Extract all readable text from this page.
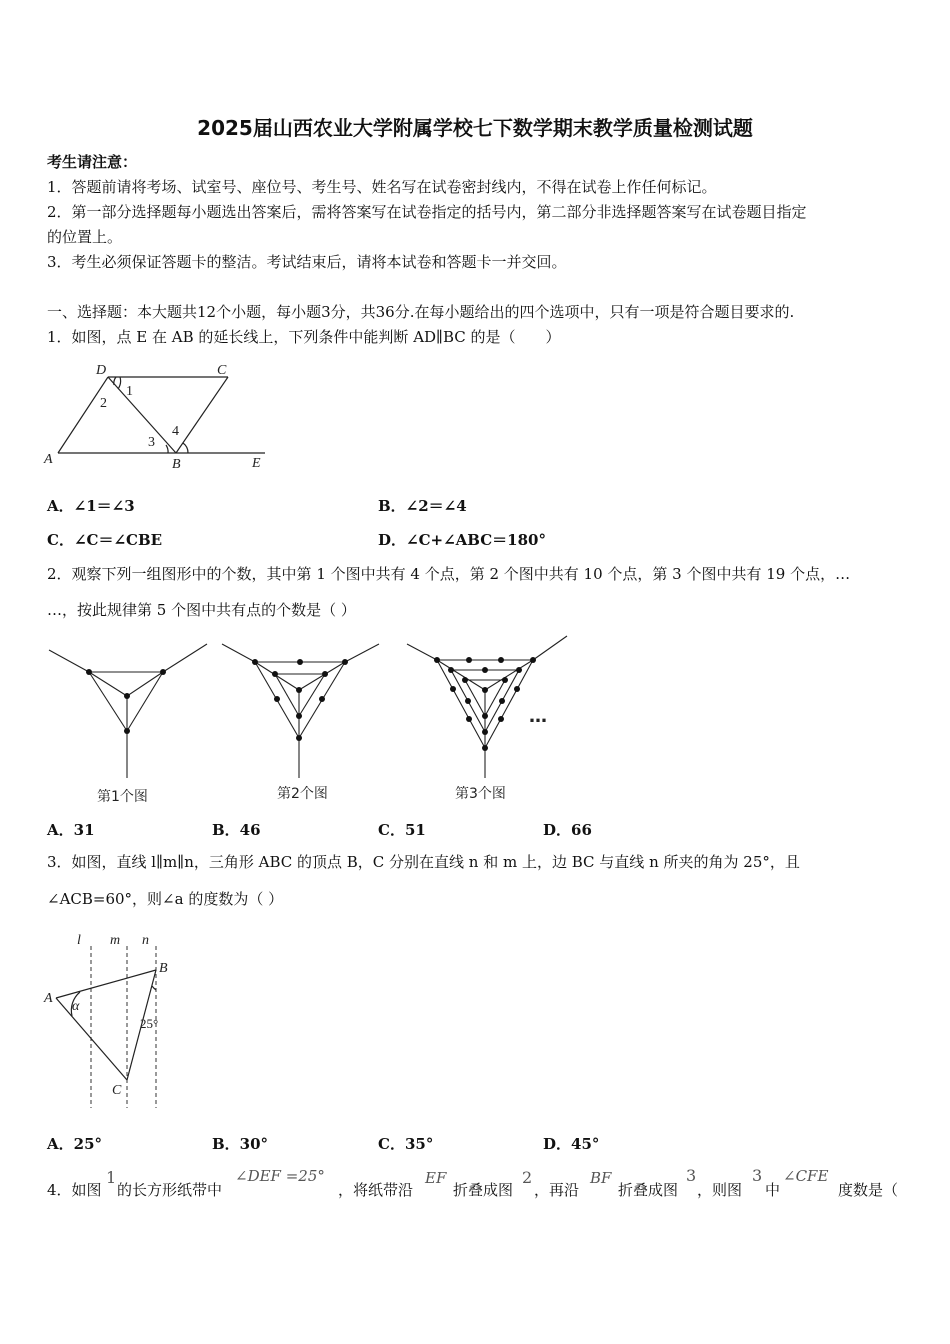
2025届山西农业大学附属学校七下数学期末教学质量检测试题
考生请注意：
1．答题前请将考场、试室号、座位号、考生号、姓名写在试卷密封线内，不得在试卷上作任何标记。
2．第一部分选择题每小题选出答案后，需将答案写在试卷指定的括号内，第二部分非选择题答案写在试卷题目指定
的位置上。
3．考生必须保证答题卡的整洁。考试结束后，请将本试卷和答题卡一并交回。
一、选择题：本大题共12个小题，每小题3分，共36分.在每小题给出的四个选项中，只有一项是符合题目要求的.
1．如图，点 E 在 AB 的延长线上，下列条件中能判断 AD∥BC 的是（　　）
D	C
A	B	E
1
2
3
4
A．∠1＝∠3	B．∠2＝∠4
C．∠C＝∠CBE	D．∠C+∠ABC＝180°
2．观察下列一组图形中的个数，其中第 1 个图中共有 4 个点，第 2 个图中共有 10 个点，第 3 个图中共有 19 个点，…
…，按此规律第 5 个图中共有点的个数是（ ）
第1个图	第2个图	第3个图
…
A．31	B．46	C．51	D．66
3．如图，直线 l∥m∥n，三角形 ABC 的顶点 B，C 分别在直线 n 和 m 上，边 BC 与直线 n 所夹的角为 25°，且
∠ACB=60°，则∠a 的度数为（ ）
l m n
A
B
C
α
25°
A．25°	B．30°	C．35°	D．45°
4．如图
1
的长方形纸带中
∠DEF =25°
，将纸带沿
EF
折叠成图
2
，再沿
BF
折叠成图
3
，则图
3
中
∠CFE
度数是（
